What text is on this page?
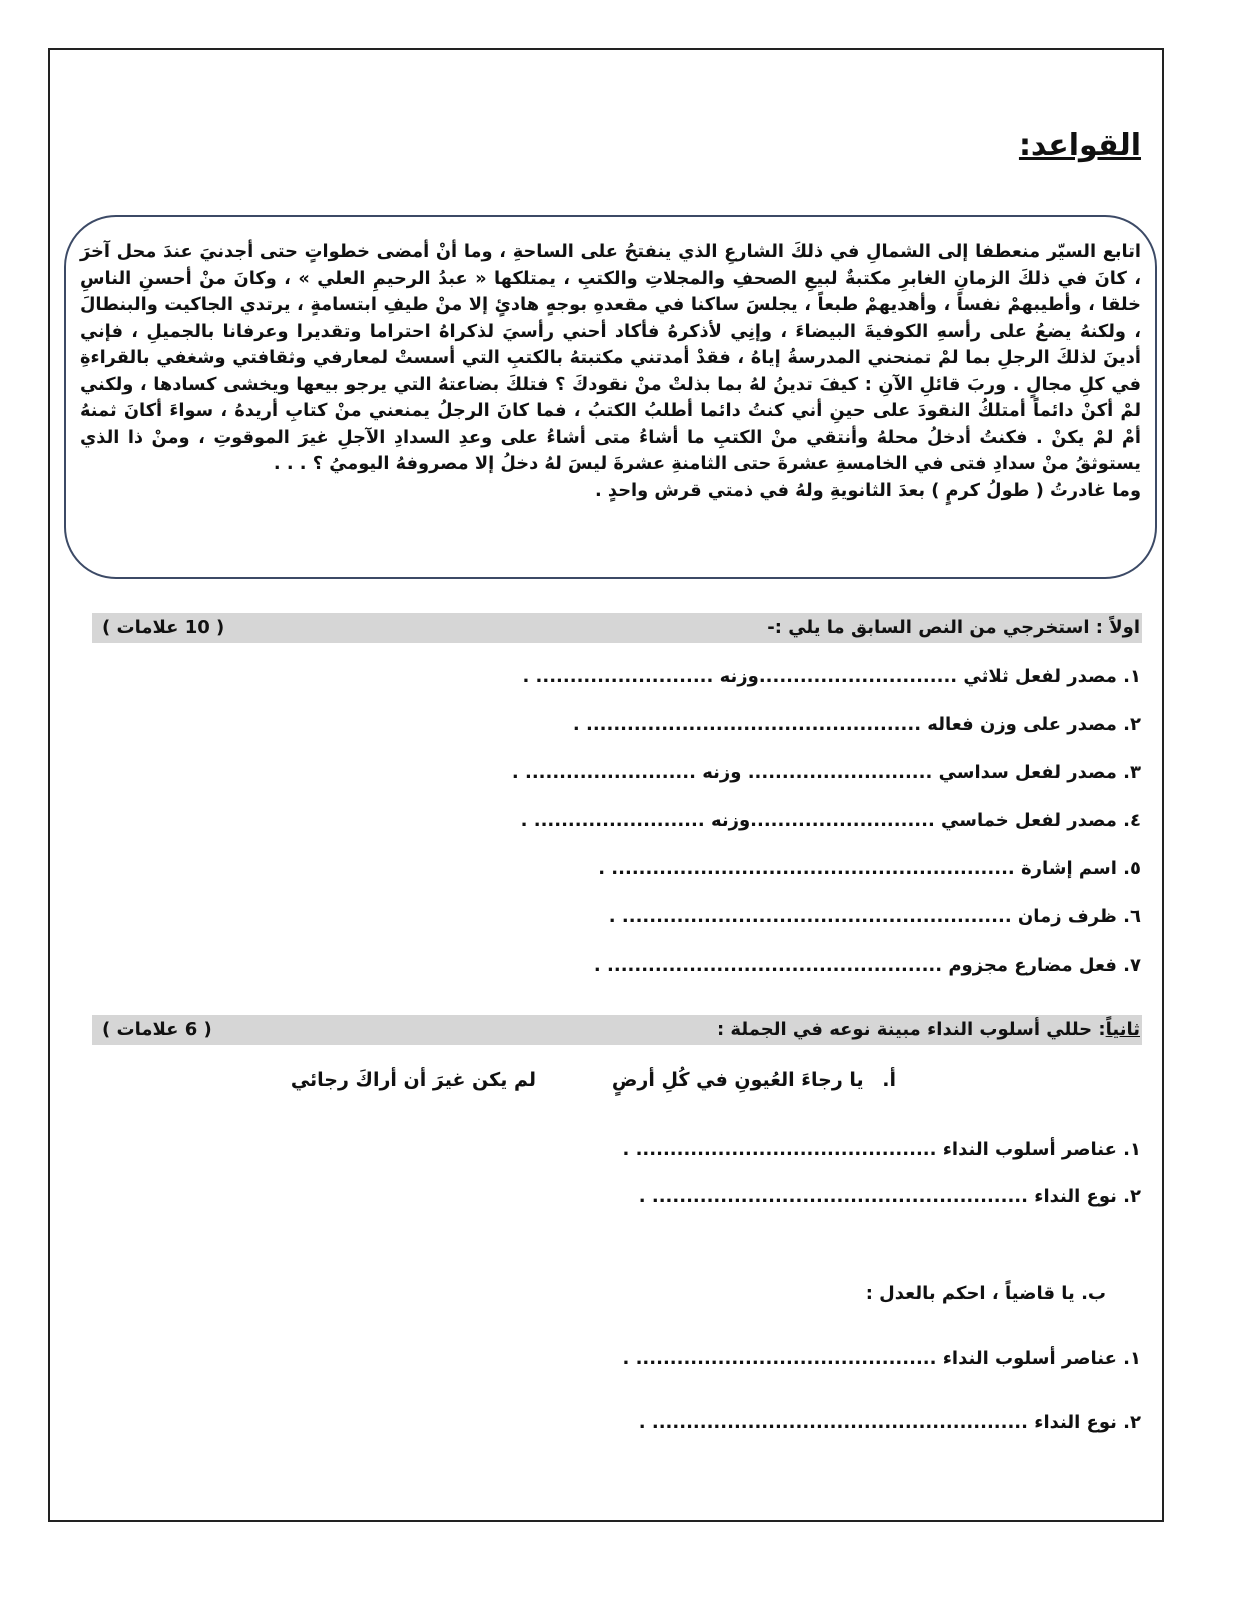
القواعد:

اتابع السيّر منعطفا إلى الشمالِ في ذلكَ الشارعِ الذي ينفتحُ على الساحةِ ، وما أنْ أمضى خطواتٍ حتى أجدنيَ عندَ محل آخرَ ، كانَ في ذلكَ الزمانِ الغابرِ مكتبةٌ لبيعِ الصحفِ والمجلاتِ والكتبِ ، يمتلكها « عبدُ الرحيمِ العلي » ، وكانَ منْ أحسنِ الناسِ خلقا ، وأطيبهمْ نفساً ، وأهديهمْ طبعاً ، يجلسَ ساكنا في مقعدهِ بوجهٍ هادئٍ إلا منْ طيفِ ابتسامةٍ ، يرتدي الجاكيت والبنطالَ ، ولكنهُ يضعُ على رأسهِ الكوفيةَ البيضاءَ ، وإنِي لأذكرهُ فأكاد أحني رأسيَ لذكراهُ احتراما وتقديرا وعرفانا بالجميلِ ، فإني أدينَ لذلكَ الرجلِ بما لمْ تمنحني المدرسةُ إياهُ ، فقدْ أمدتني مكتبتهُ بالكتبِ التي أسستْ لمعارفي وثقافتي وشغفي بالقراءةِ في كلِ مجالٍ . وربَ قائلِ الآنِ : كيفَ تدينُ لهُ بما بذلتْ منْ نقودكَ ؟ فتلكَ بضاعتهُ التي يرجو بيعها ويخشى كسادها ، ولكني لمْ أكنْ دائماً أمتلكُ النقودَ على حينِ أني كنتُ دائما أطلبُ الكتبُ ، فما كانَ الرجلُ يمنعني منْ كتابِ أريدهُ ، سواءَ أكانَ ثمنهُ أمْ لمْ يكنْ . فكنتُ أدخلُ محلهُ وأنتقي منْ الكتبِ ما أشاءُ متى أشاءُ على وعدِ السدادِ الآجلِ غيرَ الموقوتِ ، ومنْ ذا الذي يستوثقُ منْ سدادِ فتى في الخامسةِ عشرةَ حتى الثامنةِ عشرةَ ليسَ لهُ دخلُ إلا مصروفهُ اليوميُ ؟ . . .

وما غادرتُ ( طولُ كرمٍ ) بعدَ الثانويةِ ولهُ في ذمتي قرش واحدٍ .

اولاً : استخرجي من النص السابق ما يلي :-
( 10 علامات )
١. مصدر لفعل ثلاثي .............................وزنه .......................... .
٢. مصدر على وزن فعاله ................................................. .
٣. مصدر لفعل سداسي ........................... وزنه ......................... .
٤. مصدر لفعل خماسي ...........................وزنه ......................... .
٥. اسم إشارة ........................................................... .
٦. ظرف زمان ......................................................... .
٧. فعل مضارع مجزوم ................................................. .
ثانياً: حللي أسلوب النداء مبينة نوعه في الجملة :
( 6 علامات )
أ. يا رجاءَ العُيونِ في كُلِ أرضٍ
لم يكن غيرَ أن أراكَ رجائي
١. عناصر أسلوب النداء ............................................ .
٢. نوع النداء ....................................................... .
ب. يا قاضياً ، احكم بالعدل :
١. عناصر أسلوب النداء ............................................ .
٢. نوع النداء ....................................................... .
